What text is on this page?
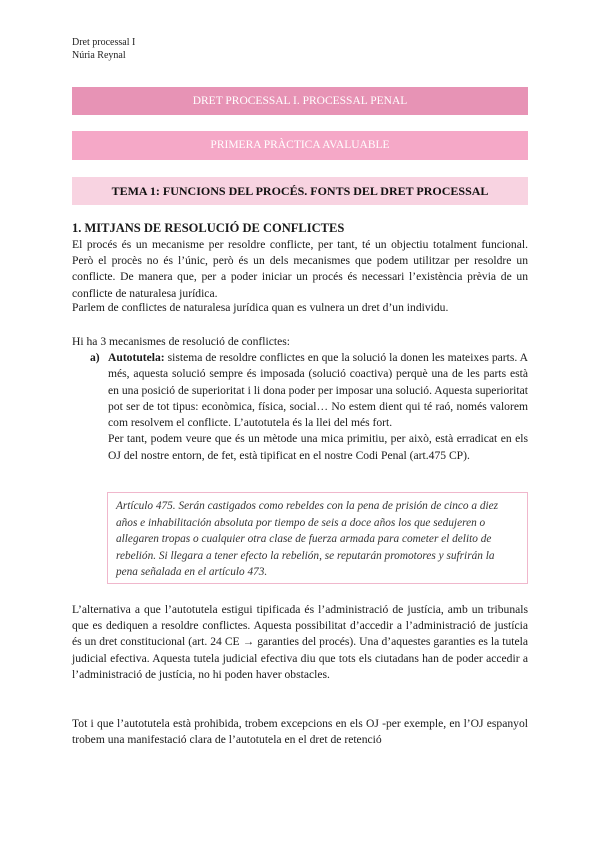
Dret processal I
Núria Reynal
DRET PROCESSAL I. PROCESSAL PENAL
PRIMERA PRÀCTICA AVALUABLE
TEMA 1: FUNCIONS DEL PROCÉS. FONTS DEL DRET PROCESSAL
1. MITJANS DE RESOLUCIÓ DE CONFLICTES

El procés és un mecanisme per resoldre conflicte, per tant, té un objectiu totalment funcional. Però el procès no és l’únic, però és un dels mecanismes que podem utilitzar per resoldre un conflicte. De manera que, per a poder iniciar un procés és necessari l’existència prèvia de un conflicte de naturalesa jurídica.

Parlem de conflictes de naturalesa jurídica quan es vulnera un dret d’un individu.

Hi ha 3 mecanismes de resolució de conflictes:

a) Autotutela: sistema de resoldre conflictes en que la solució la donen les mateixes parts. A més, aquesta solució sempre és imposada (solució coactiva) perquè una de les parts està en una posició de superioritat i li dona poder per imposar una solució. Aquesta superioritat pot ser de tot tipus: econòmica, física, social… No estem dient qui té raó, només valorem com resolvem el conflicte. L’autotutela és la llei del més fort.

Per tant, podem veure que és un mètode una mica primitiu, per això, està erradicat en els OJ del nostre entorn, de fet, està tipificat en el nostre Codi Penal (art.475 CP).

Artículo 475. Serán castigados como rebeldes con la pena de prisión de cinco a diez años e inhabilitación absoluta por tiempo de seis a doce años los que sedujeren o allegaren tropas o cualquier otra clase de fuerza armada para cometer el delito de rebelión. Si llegara a tener efecto la rebelión, se reputarán promotores y sufrirán la pena señalada en el artículo 473.

L’alternativa a que l’autotutela estigui tipificada és l’administració de justícia, amb un tribunals que es dediquen a resoldre conflictes. Aquesta possibilitat d’accedir a l’administració de justícia és un dret constitucional (art. 24 CE → garanties del procés). Una d’aquestes garanties es la tutela judicial efectiva. Aquesta tutela judicial efectiva diu que tots els ciutadans han de poder accedir a l’administració de justícia, no hi poden haver obstacles.

Tot i que l’autotutela està prohibida, trobem excepcions en els OJ -per exemple, en l’OJ espanyol trobem una manifestació clara de l’autotutela en el dret de retenció
